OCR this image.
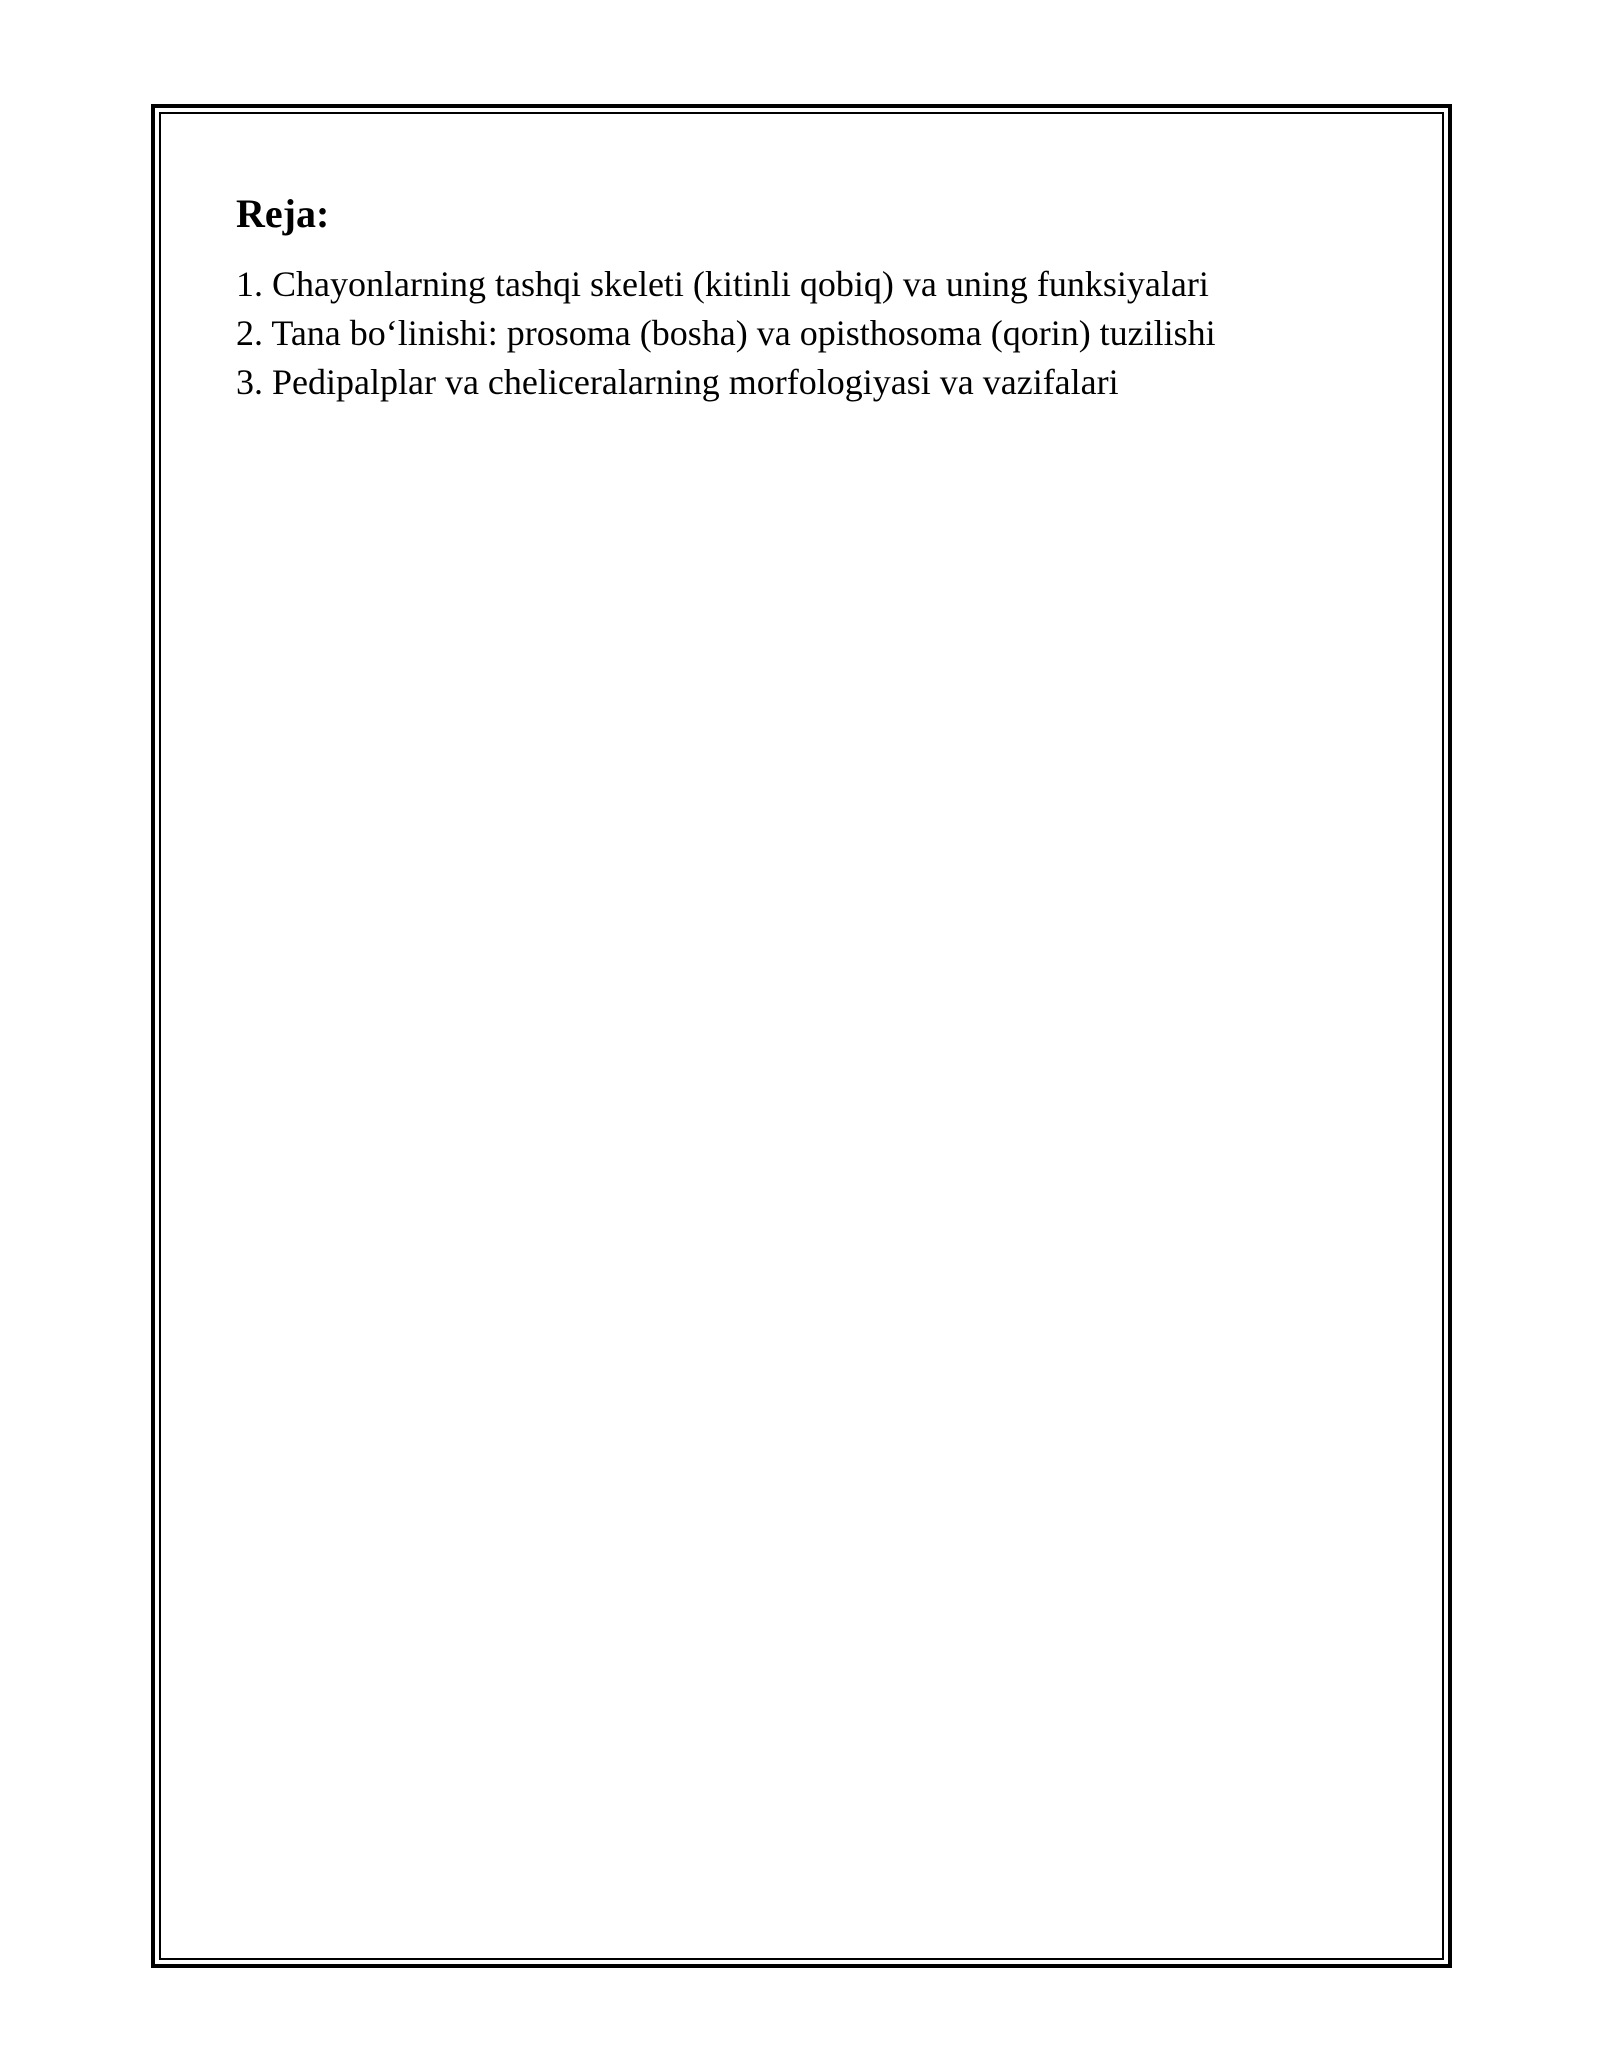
Reja:
1. Chayonlarning tashqi skeleti (kitinli qobiq) va uning funksiyalari
2. Tana bo‘linishi: prosoma (bosha) va opisthosoma (qorin) tuzilishi
3. Pedipalplar va cheliceralarning morfologiyasi va vazifalari
